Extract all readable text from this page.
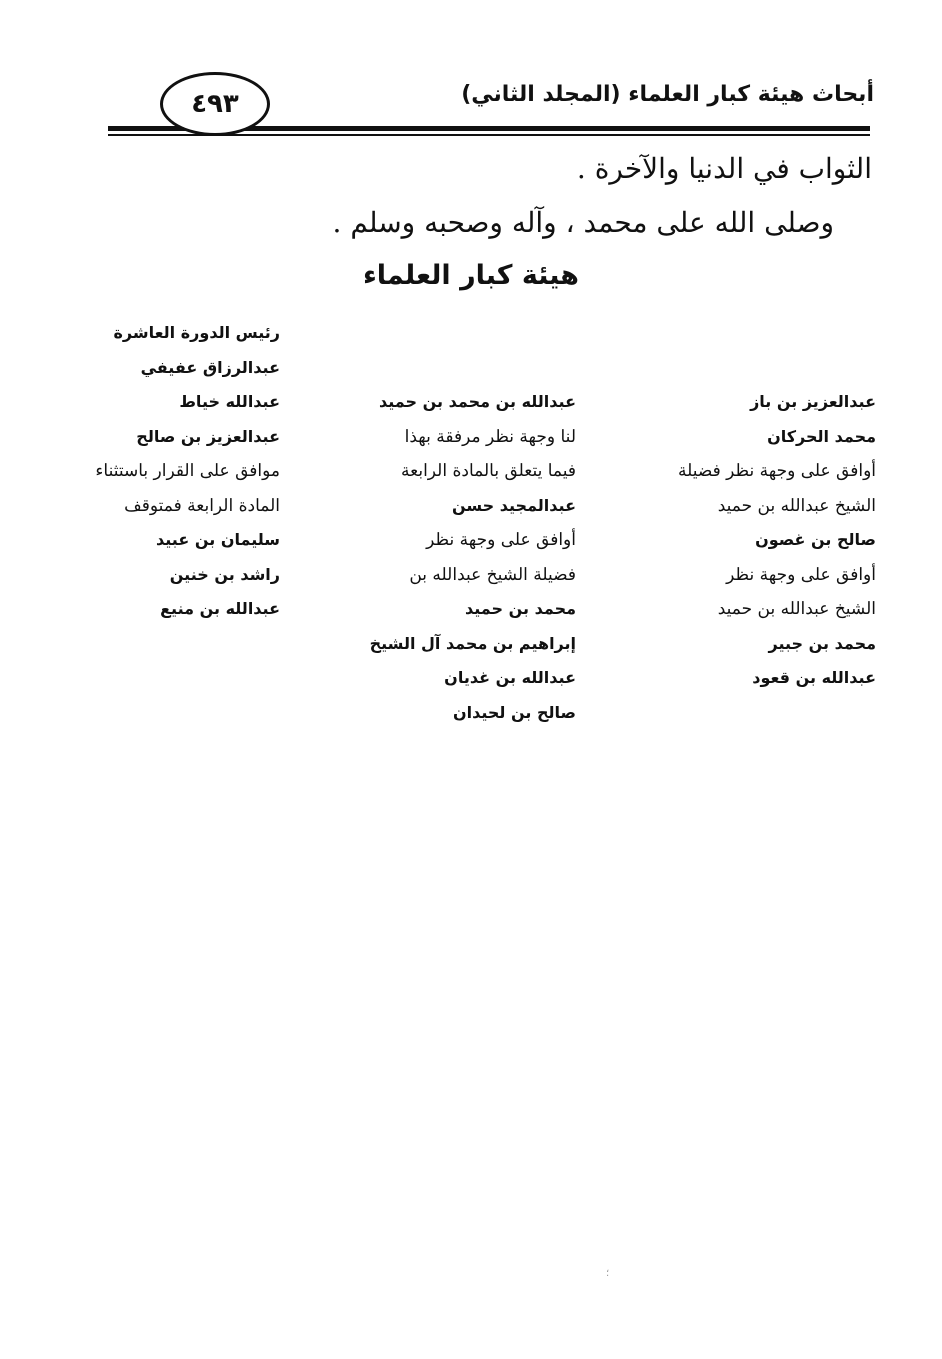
٤٩٣	أبحاث هيئة كبار العلماء (المجلد الثاني)
الثواب في الدنيا والآخرة .
وصلى الله على محمد ، وآله وصحبه وسلم .
هيئة كبار العلماء
عبدالعزيز بن باز
محمد الحركان
أوافق على وجهة نظر فضيلة
الشيخ عبدالله بن حميد
صالح بن غصون
أوافق على وجهة نظر
الشيخ عبدالله بن حميد
محمد بن جبير
عبدالله بن قعود
عبدالله بن محمد بن حميد
لنا وجهة نظر مرفقة بهذا
فيما يتعلق بالمادة الرابعة
عبدالمجيد حسن
أوافق على وجهة نظر
فضيلة الشيخ عبدالله بن
محمد بن حميد
إبراهيم بن محمد آل الشيخ
عبدالله بن غديان
صالح بن لحيدان
رئيس الدورة العاشرة
عبدالرزاق عفيفي
عبدالله خياط
عبدالعزيز بن صالح
موافق على القرار باستثناء
المادة الرابعة فمتوقف
سليمان بن عبيد
راشد بن خنين
عبدالله بن منيع
؛
